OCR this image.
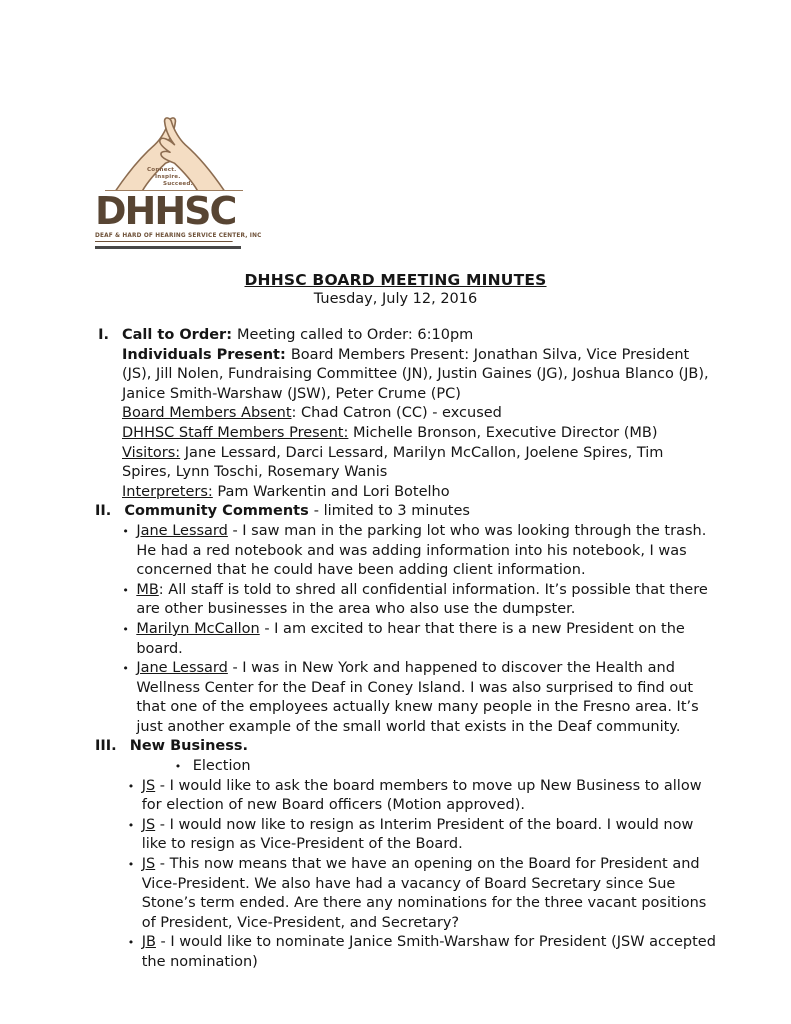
Connect.
Inspire.
Succeed.
DHHSC
DEAF & HARD OF HEARING SERVICE CENTER, INC
DHHSC BOARD MEETING MINUTES
Tuesday, July 12, 2016
I. Call to Order: Meeting called to Order: 6:10pm
Individuals Present: Board Members Present: Jonathan Silva, Vice President (JS), Jill Nolen, Fundraising Committee (JN), Justin Gaines (JG), Joshua Blanco (JB), Janice Smith-Warshaw (JSW), Peter Crume (PC)
Board Members Absent: Chad Catron (CC) - excused
DHHSC Staff Members Present: Michelle Bronson, Executive Director (MB)
Visitors: Jane Lessard, Darci Lessard, Marilyn McCallon, Joelene Spires, Tim Spires, Lynn Toschi, Rosemary Wanis
Interpreters: Pam Warkentin and Lori Botelho
II. Community Comments - limited to 3 minutes
• Jane Lessard - I saw man in the parking lot who was looking through the trash. He had a red notebook and was adding information into his notebook, I was concerned that he could have been adding client information.
• MB: All staff is told to shred all confidential information. It’s possible that there are other businesses in the area who also use the dumpster.
• Marilyn McCallon - I am excited to hear that there is a new President on the board.
• Jane Lessard - I was in New York and happened to discover the Health and Wellness Center for the Deaf in Coney Island. I was also surprised to find out that one of the employees actually knew many people in the Fresno area. It’s just another example of the small world that exists in the Deaf community.
III. New Business.
• Election
• JS - I would like to ask the board members to move up New Business to allow for election of new Board officers (Motion approved).
• JS - I would now like to resign as Interim President of the board. I would now like to resign as Vice-President of the Board.
• JS - This now means that we have an opening on the Board for President and Vice-President. We also have had a vacancy of Board Secretary since Sue Stone’s term ended. Are there any nominations for the three vacant positions of President, Vice-President, and Secretary?
• JB - I would like to nominate Janice Smith-Warshaw for President (JSW accepted the nomination)
